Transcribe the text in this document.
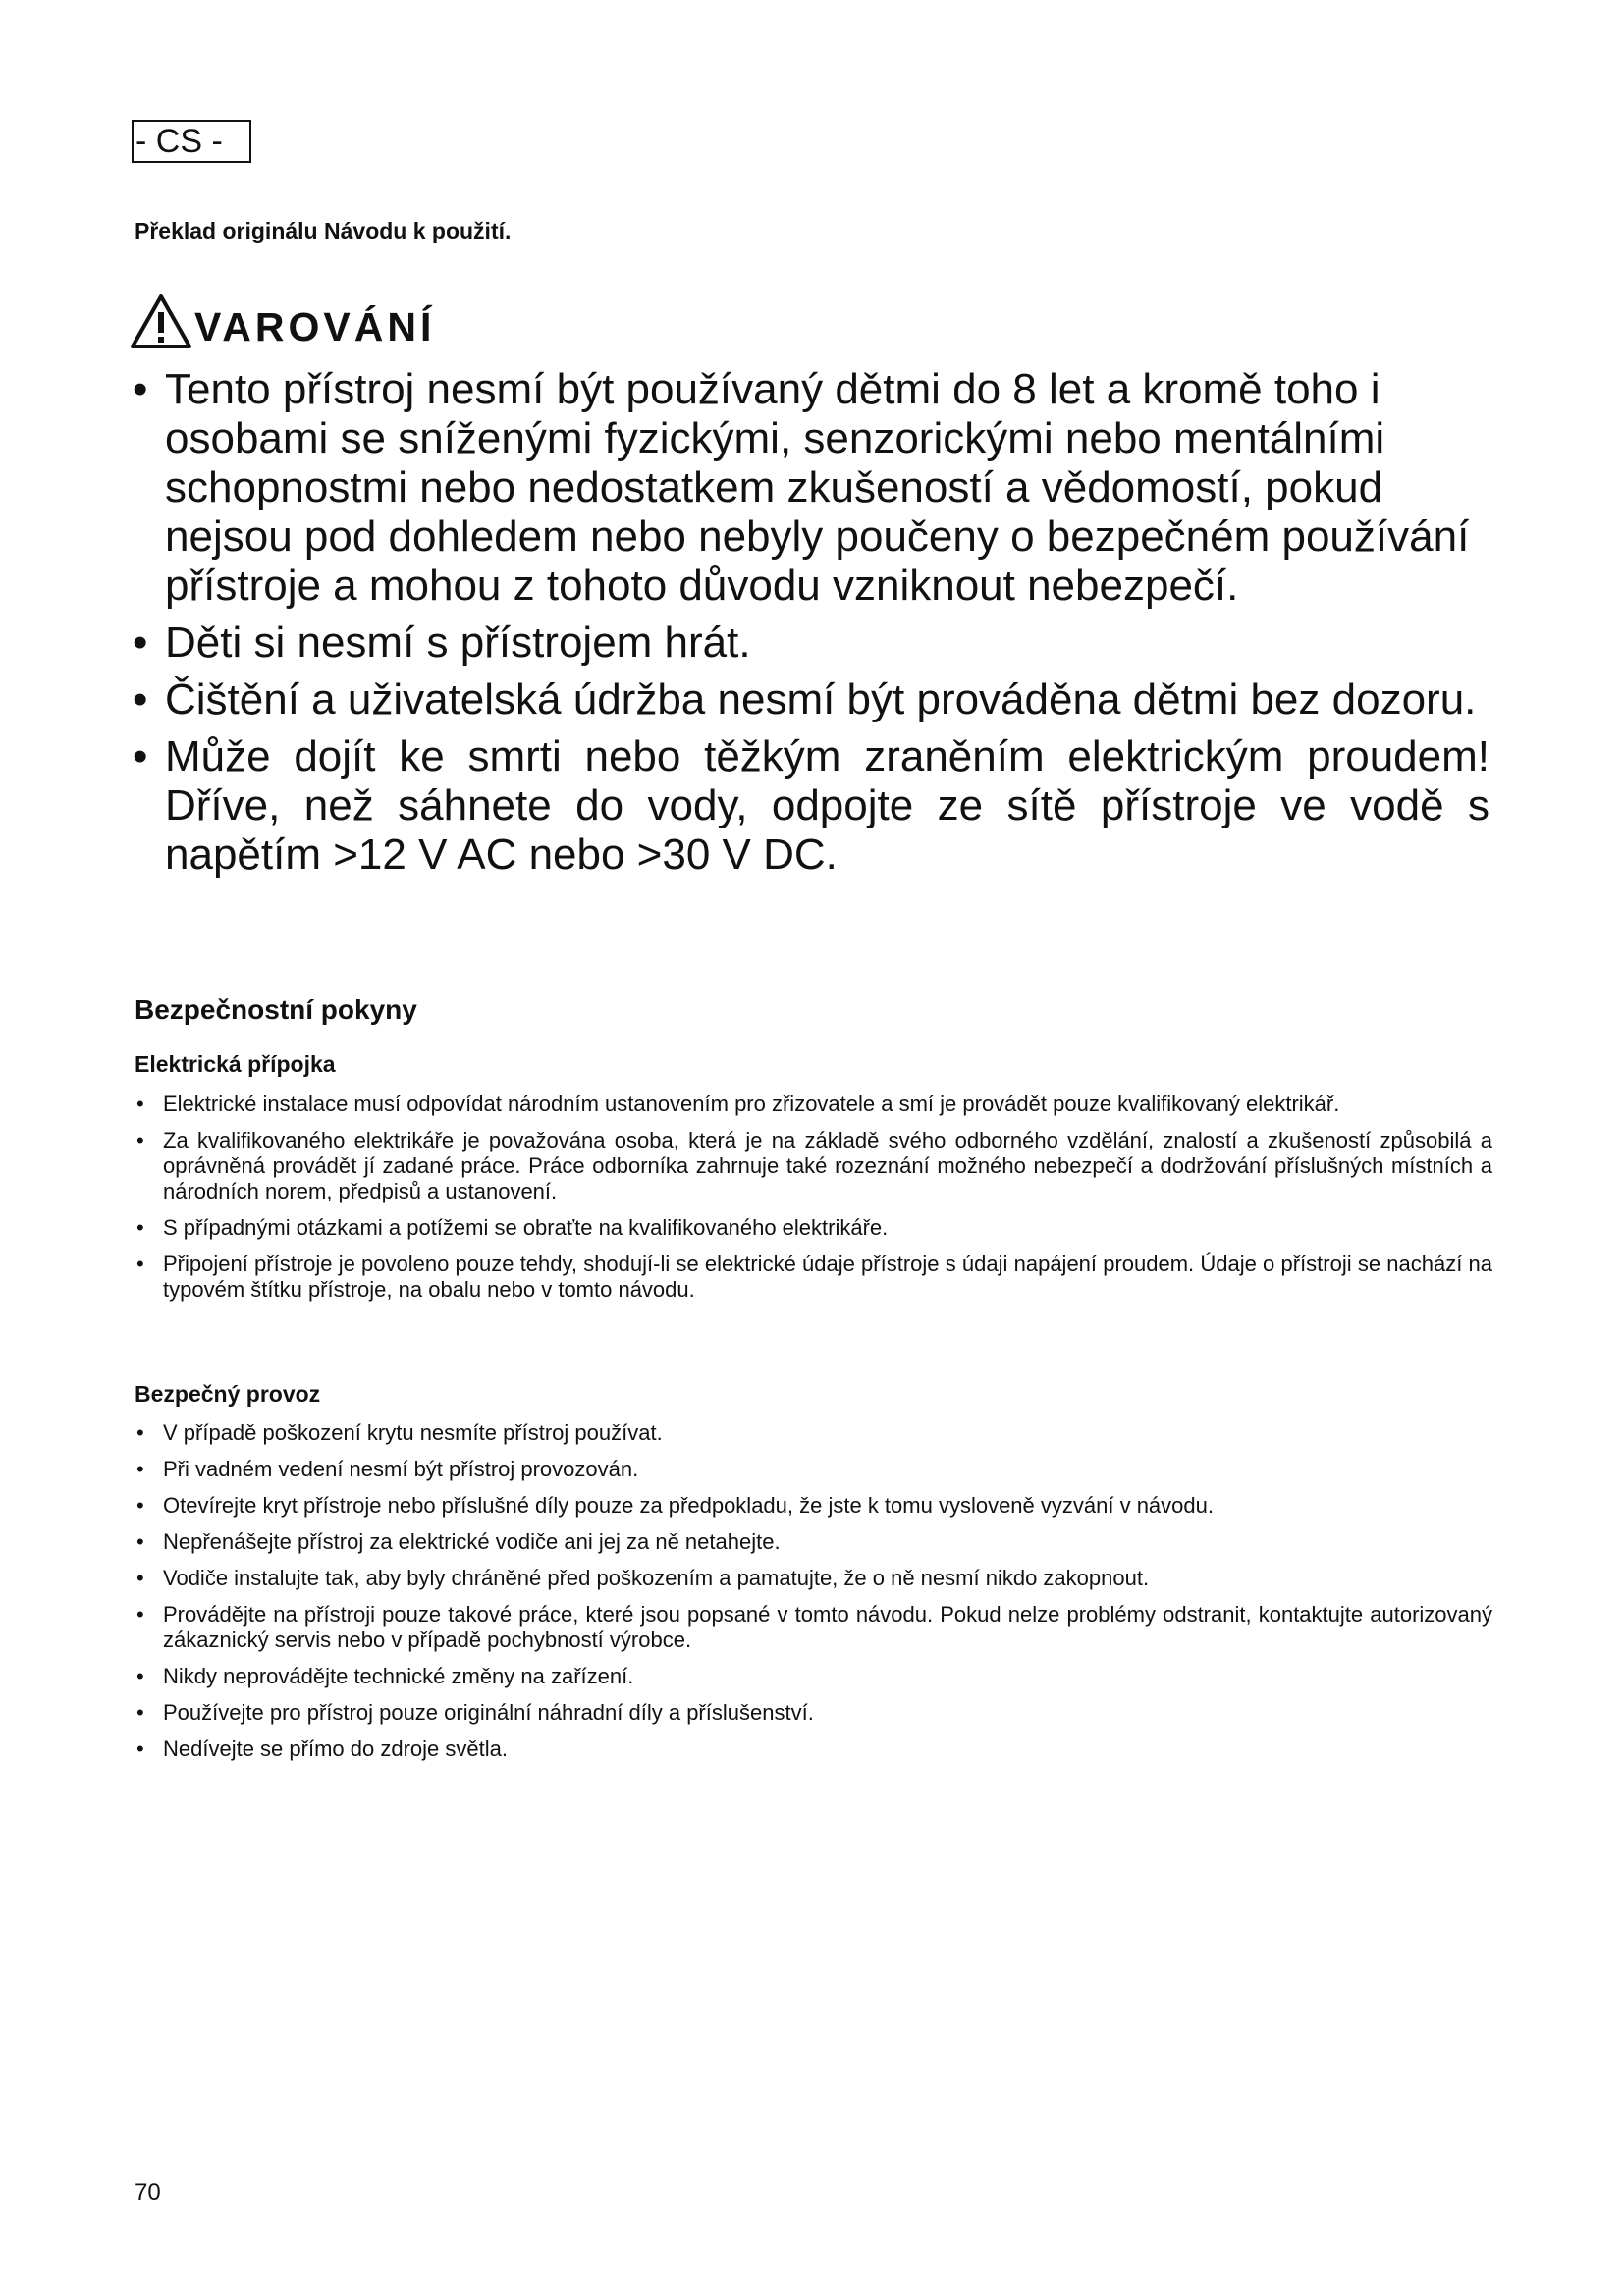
- CS -
Překlad originálu Návodu k použití.
VAROVÁNÍ
• Tento přístroj nesmí být používaný dětmi do 8 let a kromě toho i osobami se sníženými fyzickými, senzorickými nebo mentálními schopnostmi nebo nedostatkem zkušeností a vědomostí, pokud nejsou pod dohledem nebo nebyly poučeny o bezpečném používání přístroje a mohou z tohoto důvodu vzniknout nebezpečí.
• Děti si nesmí s přístrojem hrát.
• Čištění a uživatelská údržba nesmí být prováděna dětmi bez dozoru.
• Může dojít ke smrti nebo těžkým zraněním elektrickým proudem! Dříve, než sáhnete do vody, odpojte ze sítě přístroje ve vodě s napětím >12 V AC nebo >30 V DC.
Bezpečnostní pokyny
Elektrická přípojka
• Elektrické instalace musí odpovídat národním ustanovením pro zřizovatele a smí je provádět pouze kvalifikovaný elektrikář.
• Za kvalifikovaného elektrikáře je považována osoba, která je na základě svého odborného vzdělání, znalostí a zkušeností způsobilá a oprávněná provádět jí zadané práce. Práce odborníka zahrnuje také rozeznání možného nebezpečí a dodržování příslušných místních a národních norem, předpisů a ustanovení.
• S případnými otázkami a potížemi se obraťte na kvalifikovaného elektrikáře.
• Připojení přístroje je povoleno pouze tehdy, shodují-li se elektrické údaje přístroje s údaji napájení proudem. Údaje o přístroji se nachází na typovém štítku přístroje, na obalu nebo v tomto návodu.
Bezpečný provoz
• V případě poškození krytu nesmíte přístroj používat.
• Při vadném vedení nesmí být přístroj provozován.
• Otevírejte kryt přístroje nebo příslušné díly pouze za předpokladu, že jste k tomu vysloveně vyzvání v návodu.
• Nepřenášejte přístroj za elektrické vodiče ani jej za ně netahejte.
• Vodiče instalujte tak, aby byly chráněné před poškozením a pamatujte, že o ně nesmí nikdo zakopnout.
• Provádějte na přístroji pouze takové práce, které jsou popsané v tomto návodu. Pokud nelze problémy odstranit, kontaktujte autorizovaný zákaznický servis nebo v případě pochybností výrobce.
• Nikdy neprovádějte technické změny na zařízení.
• Používejte pro přístroj pouze originální náhradní díly a příslušenství.
• Nedívejte se přímo do zdroje světla.
70
